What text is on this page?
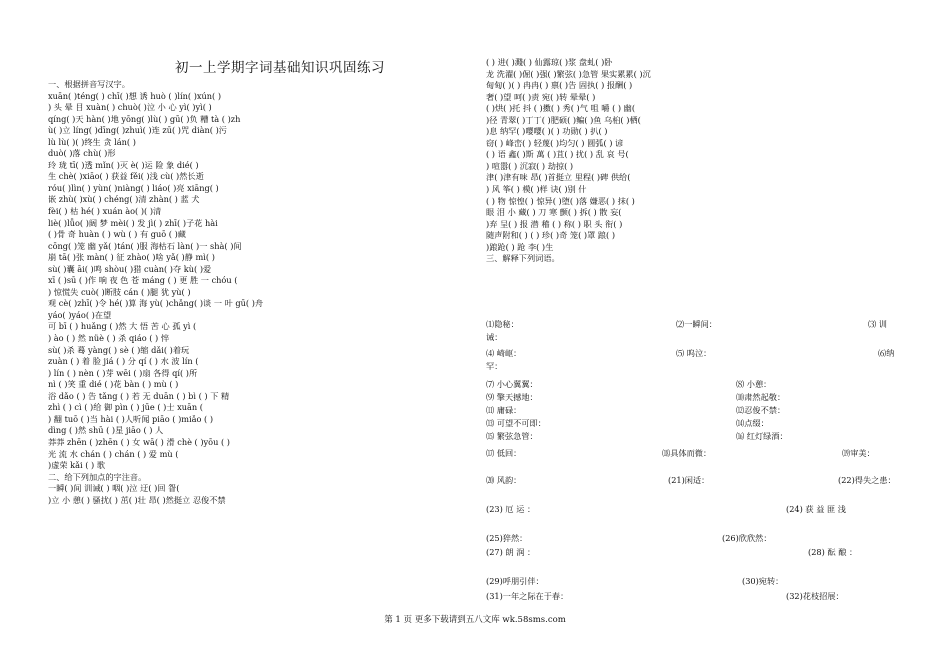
初一上学期字词基础知识巩固练习
一、根据拼音写汉字。
xuān( )téng( ) chī( )想 诱 huò ( )lín( )xún( )
) 头 晕 目 xuàn( ) chuò( )泣 小 心 yì( )yì( )
qíng( )天 hàn( )地 yōng( )lù( ) gū( )负 糟 tà ( )zh
ù( )立 líng( )dīng( )zhuì( )连 zū( )咒 diàn( )污
lù lù( )( )终生 贪 lán( )
duò( )落 chù( )形
玲 珑 tī( )透 mǐn( )灭 è( )运 险 象 dié( )
生 chè( )xiāo( ) 获益 fěi( )浅 cù( )然长逝
róu( )lìn( ) yùn( )niàng( ) liáo( )亮 xiāng( )
嵌 zhù( )xù( ) chéng( )清 zhàn( ) 蓝 犬
fèi( ) 枯 hé( ) xuán ào( )( )清
liè( )lǚo( )阔 梦 mèi( ) 发 jì( ) zhī( )子花 hài
( )骨 奇 huàn ( ) wù ( ) 有 guō ( )藏
cōng( )笼 幽 yǎ( )tán( )服 海枯石 làn( )一 shà( )间
崩 tā( )张 màn( ) 征 zhào( )啥 yǎ( )静 mì( )
sù( )囊 āi( )鸣 shòu( )猎 cuàn( )夺 kù( )爱
xī ( )sū ( )作 响 夜 色 苍 máng ( ) 更 胜 一 chóu (
) 惊慌失 cuò( )断肢 cán ( )腿 犹 yù( )
观 cè( )zhī( )令 hé( )算 海 yù( )chǎng( )谈 一 叶 gū( )舟
yáo( )yáo( )在望
可 bī ( ) huǎng ( )然 大 悟 苦 心 孤 yì (
) ào ( ) 然 nüè ( ) 杀 qiáo ( ) 悴
sù( )杀 蓦 yàng( ) sè ( )缩 dǎi( )着玩
zuàn ( ) 着 脸 jiá ( ) 分 qí ( ) 水 波 lín (
) lín ( ) nèn ( )芽 wēi ( )扇 各得 qí( )所
nì ( )笑 重 dié ( )花 bàn ( ) mù ( )
浴 dǎo ( ) 告 tǎng ( ) 若 无 duān ( ) bì ( ) 下 精
zhì ( ) cì ( )给 御 pìn ( ) jūe ( )士 xuān (
) 翻 tuō ( )当 hài ( )人听闻 piāo ( )miǎo ( )
dìng ( )然 shū ( )星 jiāo ( ) 人
莽莽 zhēn ( )zhēn ( ) 女 wā( ) 滑 chè ( )yōu ( )
光 流 水 chán ( ) chán ( ) 爱 mù (
)虚荣 kǎi ( ) 歌
二、给下列加点的字注音。
一瞬( )间 训诫( ) 咽( )泣 迂( )回 眢(
)立 小 憩( ) 骚扰( ) 茁( )壮 昂( )然挺立 忍俊不禁
( ) 进( )濺( ) 仙露琼( )浆 盘虬( )卧
龙 洗濯( )倔( )强( )繁弦( )急管 果实累累( )沉
甸甸( )( ) 冉冉( ) 禀( )告 固执( ) 报酬( )
奢( )望 呵( )责 宛( )转 晕晕( )
( )烘( )托 抖 ( )擞( ) 秀( )气 咀 嚼 ( ) 幽(
)径 青翠( )丁丁( )肥硕( )鳊( )鱼 乌桕( )栖(
)息 纳罕( )嘤嘤( )( ) 功勋( ) 扒( )
窃( ) 峰峦( ) 轻蔑( )均匀( ) 圆弧( ) 谚
( ) 语 鑫( )斯 萬 ( )苴( ) 扰( ) 乱 哀 号(
) 喧嚣( ) 沉寂( ) 劫掠( )
津( )津有味 昂( )首挺立 里程( )碑 供给(
) 风 筝( ) 模( )样 诀( )别 什
( ) 物 惊惶( ) 惊异( )堕( )落 嫌恶( ) 抹( )
眼 泪 小 藏( ) 刀 寒 颤( ) 拆( ) 散 妄(
)弃 呈( ) 报 潜 稽 ( ) 称( ) 职 头 衔( )
随声附和( ) ( ) 珍( )奇 笼( )罩 踉( )
)踉跄( ) 跄 李( )生
三、解释下列词语。
⑴隐秘：	⑵一瞬间：	⑶ 训
诫：
⑷ 崎岖：	⑸ 呜泣：	⑹纳
罕：
⑺ 小心翼翼：	⑻ 小憩：
⑼ 擎天撼地：	⑽肃然起敬：
⑾ 庸碌：	⑿忍俊不禁：
⒀ 可望不可即：	⒁点缀：
⒂ 繁弦急管：	⒃ 红灯绿酒：
⒄ 低回：	⒅具体而微：	⒆审美：
⒇ 风韵：	(21)闲适：	(22)得失之患：
(23) 厄 运 ：	(24) 获 益 匪 浅
(25)猝然：	(26)欣欣然：
(27) 朗 润 ：	(28) 酝 酿 ：
(29)呼朋引伴：	(30)宛转：
(31)一年之际在于春：	(32)花枝招展：
第 1 页 更多下载请到五八文库 wk.58sms.com
